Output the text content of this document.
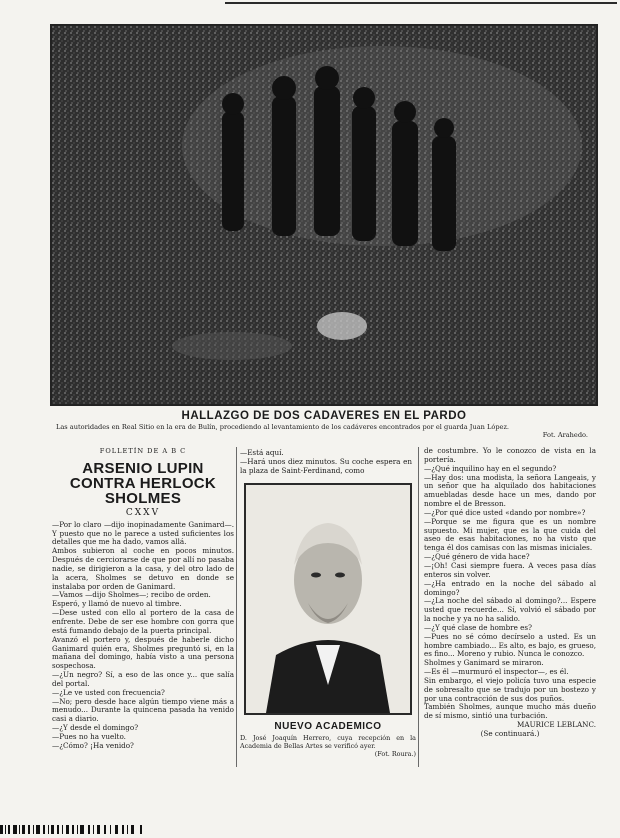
HALLAZGO DE DOS CADAVERES EN EL PARDO
Las autoridades en Real Sitio en la era de Bulín, procediendo al levantamiento de los cadáveres encontrados por el guarda Juan López.
Fot. Arahedo.

FOLLETÍN DE A B C

ARSENIO LUPIN CONTRA HERLOCK SHOLMES

CXXV

—Por lo claro —dijo inopinadamente Ganimard—. Y puesto que no le parece a usted suficientes los detalles que me ha dado, vamos allá.

Ambos subieron al coche en pocos minutos. Después de cerciorarse de que por allí no pasaba nadie, se dirigieron a la casa, y del otro lado de la acera, Sholmes se detuvo en donde se instalaba por orden de Ganimard.

—Vamos —dijo Sholmes—; recibo de orden.

Esperó, y llamó de nuevo al timbre.

—Dese usted con ello al portero de la casa de enfrente. Debe de ser ese hombre con gorra que está fumando debajo de la puerta principal.

Avanzó el portero y, después de haberle dicho Ganimard quién era, Sholmes preguntó si, en la mañana del domingo, había visto a una persona sospechosa.

—¿Un negro? Sí, a eso de las once y... que salía del portal.

—¿Le ve usted con frecuencia?

—No; pero desde hace algún tiempo viene más a menudo... Durante la quincena pasada ha venido casi a diario.

—¿Y desde el domingo?

—Pues no ha vuelto.

—¿Cómo? ¡Ha venido?

—Está aquí.

—Hará unos diez minutos. Su coche espera en la plaza de Saint-Ferdinand, como

NUEVO ACADEMICO
D. José Joaquín Herrero, cuya recepción en la Academia de Bellas Artes se verificó ayer.
(Fot. Roura.)

de costumbre. Yo le conozco de vista en la portería.

—¿Qué inquilino hay en el segundo?

—Hay dos: una modista, la señora Langeais, y un señor que ha alquilado dos habitaciones amuebladas desde hace un mes, dando por nombre el de Bresson.

—¿Por qué dice usted «dando por nombre»?

—Porque se me figura que es un nombre supuesto. Mi mujer, que es la que cuida del aseo de esas habitaciones, no ha visto que tenga él dos camisas con las mismas iniciales.

—¿Qué género de vida hace?

—¡Oh! Casi siempre fuera. A veces pasa días enteros sin volver.

—¿Ha entrado en la noche del sábado al domingo?

—¿La noche del sábado al domingo?... Espere usted que recuerde... Sí, volvió el sábado por la noche y ya no ha salido.

—¿Y qué clase de hombre es?

—Pues no sé cómo decírselo a usted. Es un hombre cambiado... Es alto, es bajo, es grueso, es fino... Moreno y rubio. Nunca le conozco.

Sholmes y Ganimard se miraron.

—Es él —murmuró el inspector—, es él.

Sin embargo, el viejo policía tuvo una especie de sobresalto que se tradujo por un bostezo y por una contracción de sus dos puños.

También Sholmes, aunque mucho más dueño de sí mismo, sintió una turbación.

MAURICE LEBLANC.

(Se continuará.)
